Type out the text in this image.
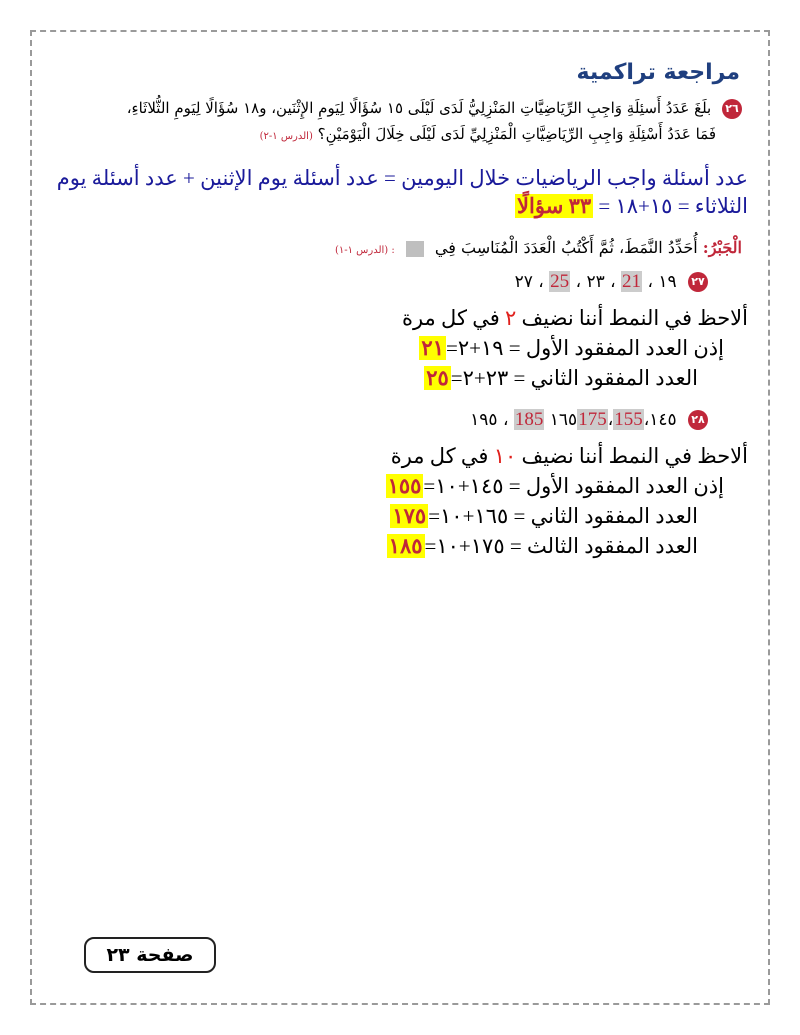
مراجعة تراكمية
٢٦ بلَغَ عَدَدُ أَسئِلَةِ وَاجِبِ الرِّيَاضِيَّاتِ المَنْزِلِيُّ لَدَى لَيْلَى ١٥ سُؤَالًا لِيَومِ الإِثْنَين، و١٨ سُؤَالًا لِيَومِ الثُّلاثَاءِ،
فَمَا عَدَدُ أَسْئِلَةِ وَاجِبِ الرِّيَاضِيَّاتِ الْمَنْزِلِيِّ لَدَى لَيْلَى خِلَالَ الْيَوْمَيْنِ؟ (الدرس ١-٢)
عدد أسئلة واجب الرياضيات خلال اليومين = عدد أسئلة يوم الإثنين + عدد أسئلة يوم الثلاثاء = ١٥+١٨ = ٣٣ سؤالًا
الْجَبْرُ: أُحَدِّدُ النَّمَطَ، ثُمَّ أَكْتُبُ الْعَدَدَ الْمُنَاسِبَ فِي  : (الدرس ١-١)
٢٧ ١٩ ، 21 ، ٢٣ ، 25 ، ٢٧
ألاحظ في النمط أننا نضيف ٢ في كل مرة
إذن العدد المفقود الأول = ١٩+٢=٢١
العدد المفقود الثاني = ٢٣+٢=٢٥
٢٨ ١٤٥،155،١٦٥175 185 ، ١٩٥
ألاحظ في النمط أننا نضيف ١٠ في كل مرة
إذن العدد المفقود الأول = ١٤٥+١٠=١٥٥
العدد المفقود الثاني = ١٦٥+١٠=١٧٥
العدد المفقود الثالث = ١٧٥+١٠=١٨٥
صفحة ٢٣
